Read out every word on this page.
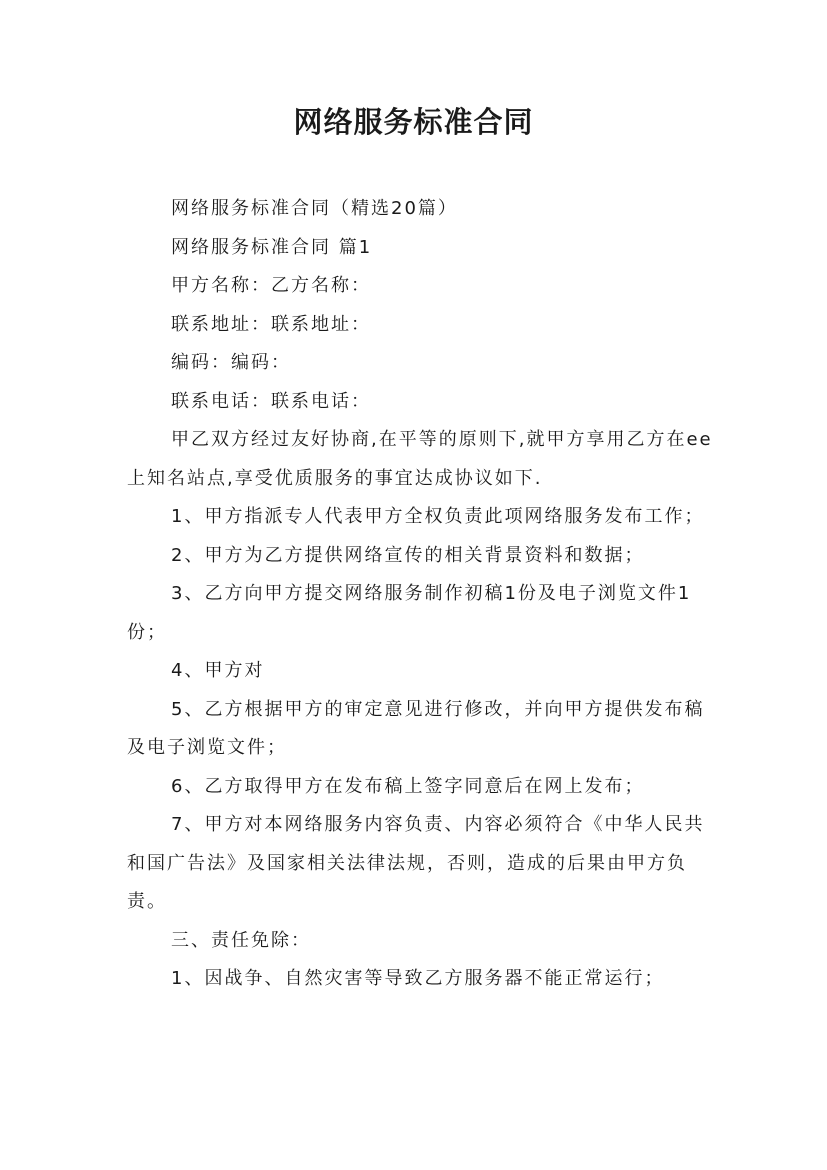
网络服务标准合同

网络服务标准合同（精选20篇）

网络服务标准合同 篇1

甲方名称：乙方名称：

联系地址：联系地址：

编码：编码：

联系电话：联系电话：

甲乙双方经过友好协商,在平等的原则下,就甲方享用乙方在ee上知名站点,享受优质服务的事宜达成协议如下.

1、甲方指派专人代表甲方全权负责此项网络服务发布工作；

2、甲方为乙方提供网络宣传的相关背景资料和数据；

3、乙方向甲方提交网络服务制作初稿1份及电子浏览文件1份；

4、甲方对

5、乙方根据甲方的审定意见进行修改，并向甲方提供发布稿及电子浏览文件；

6、乙方取得甲方在发布稿上签字同意后在网上发布；

7、甲方对本网络服务内容负责、内容必须符合《中华人民共和国广告法》及国家相关法律法规，否则，造成的后果由甲方负责。

三、责任免除：

1、因战争、自然灾害等导致乙方服务器不能正常运行；
